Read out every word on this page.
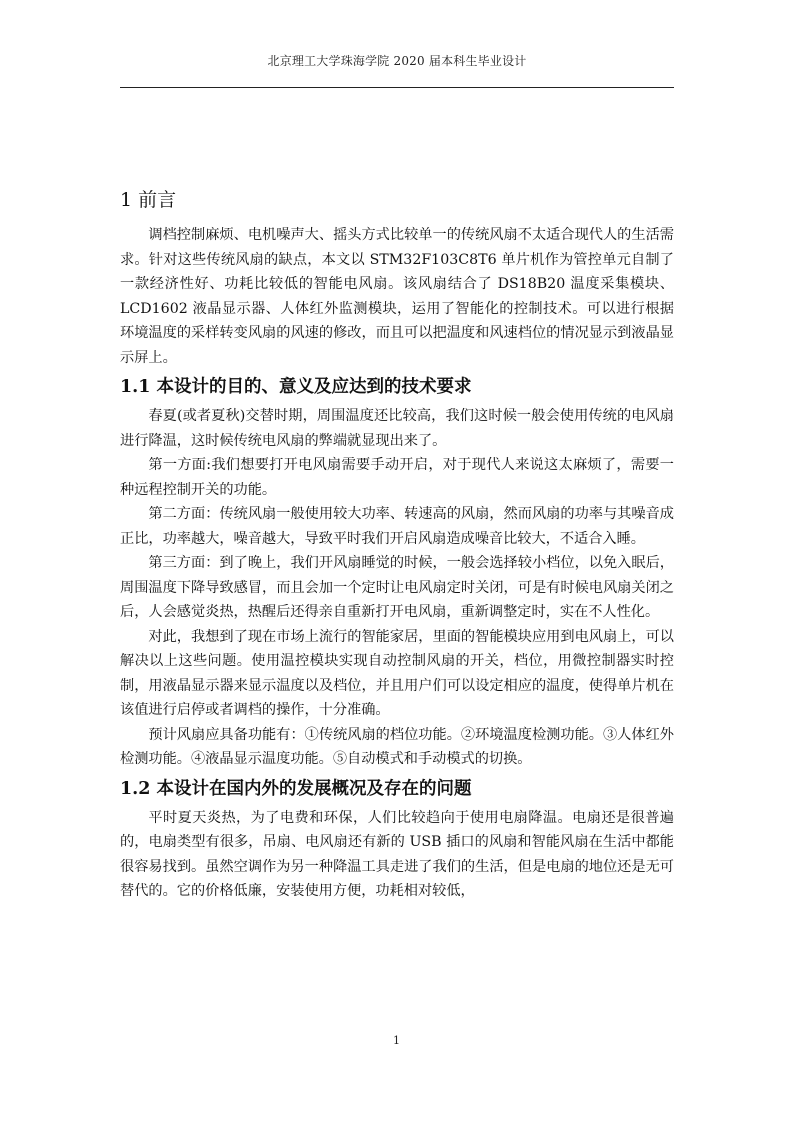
北京理工大学珠海学院 2020 届本科生毕业设计
1 前言

调档控制麻烦、电机噪声大、摇头方式比较单一的传统风扇不太适合现代人的生活需求。针对这些传统风扇的缺点，本文以 STM32F103C8T6 单片机作为管控单元自制了一款经济性好、功耗比较低的智能电风扇。该风扇结合了 DS18B20 温度采集模块、LCD1602 液晶显示器、人体红外监测模块，运用了智能化的控制技术。可以进行根据环境温度的采样转变风扇的风速的修改，而且可以把温度和风速档位的情况显示到液晶显示屏上。

1.1 本设计的目的、意义及应达到的技术要求

春夏(或者夏秋)交替时期，周围温度还比较高，我们这时候一般会使用传统的电风扇进行降温，这时候传统电风扇的弊端就显现出来了。

第一方面:我们想要打开电风扇需要手动开启，对于现代人来说这太麻烦了，需要一种远程控制开关的功能。

第二方面：传统风扇一般使用较大功率、转速高的风扇，然而风扇的功率与其噪音成正比，功率越大，噪音越大，导致平时我们开启风扇造成噪音比较大，不适合入睡。

第三方面：到了晚上，我们开风扇睡觉的时候，一般会选择较小档位，以免入眠后，周围温度下降导致感冒，而且会加一个定时让电风扇定时关闭，可是有时候电风扇关闭之后，人会感觉炎热，热醒后还得亲自重新打开电风扇，重新调整定时，实在不人性化。

对此，我想到了现在市场上流行的智能家居，里面的智能模块应用到电风扇上，可以解决以上这些问题。使用温控模块实现自动控制风扇的开关，档位，用微控制器实时控制，用液晶显示器来显示温度以及档位，并且用户们可以设定相应的温度，使得单片机在该值进行启停或者调档的操作，十分准确。

预计风扇应具备功能有：①传统风扇的档位功能。②环境温度检测功能。③人体红外检测功能。④液晶显示温度功能。⑤自动模式和手动模式的切换。

1.2 本设计在国内外的发展概况及存在的问题

平时夏天炎热，为了电费和环保，人们比较趋向于使用电扇降温。电扇还是很普遍的，电扇类型有很多，吊扇、电风扇还有新的 USB 插口的风扇和智能风扇在生活中都能很容易找到。虽然空调作为另一种降温工具走进了我们的生活，但是电扇的地位还是无可替代的。它的价格低廉，安装使用方便，功耗相对较低，

1
